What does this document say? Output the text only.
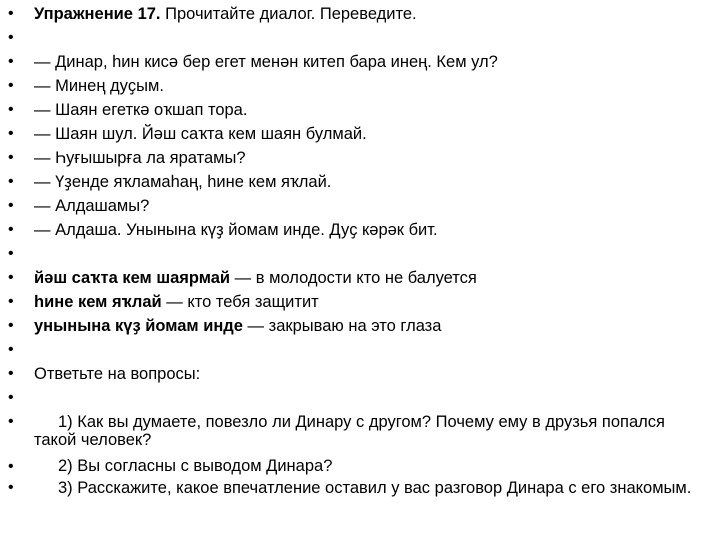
• Упражнение 17. Прочитайте диалог. Переведите.
•
• — Динар, һин кисә бер егет менән китеп бара инең. Кем ул?
• — Минең дуҫым.
• — Шаян егеткә оҡшап тора.
• — Шаян шул. Йәш саҡта кем шаян булмай.
• — Һуғышырға ла яратамы?
• — Үҙенде яҡламаһаң, һине кем яҡлай.
• — Алдашамы?
• — Алдаша. Унынына күҙ йомам инде. Дуҫ кәрәк бит.
•
• йәш саҡта кем шаярмай — в молодости кто не балуется
• һине кем яҡлай — кто тебя защитит
• унынына күҙ йомам инде — закрываю на это глаза
•
• Ответьте на вопросы:
•
•	1) Как вы думаете, повезло ли Динару с другом? Почему ему в друзья попался такой человек?
•	2) Вы согласны с выводом Динара?
•	3) Расскажите, какое впечатление оставил у вас разговор Динара с его знакомым.
